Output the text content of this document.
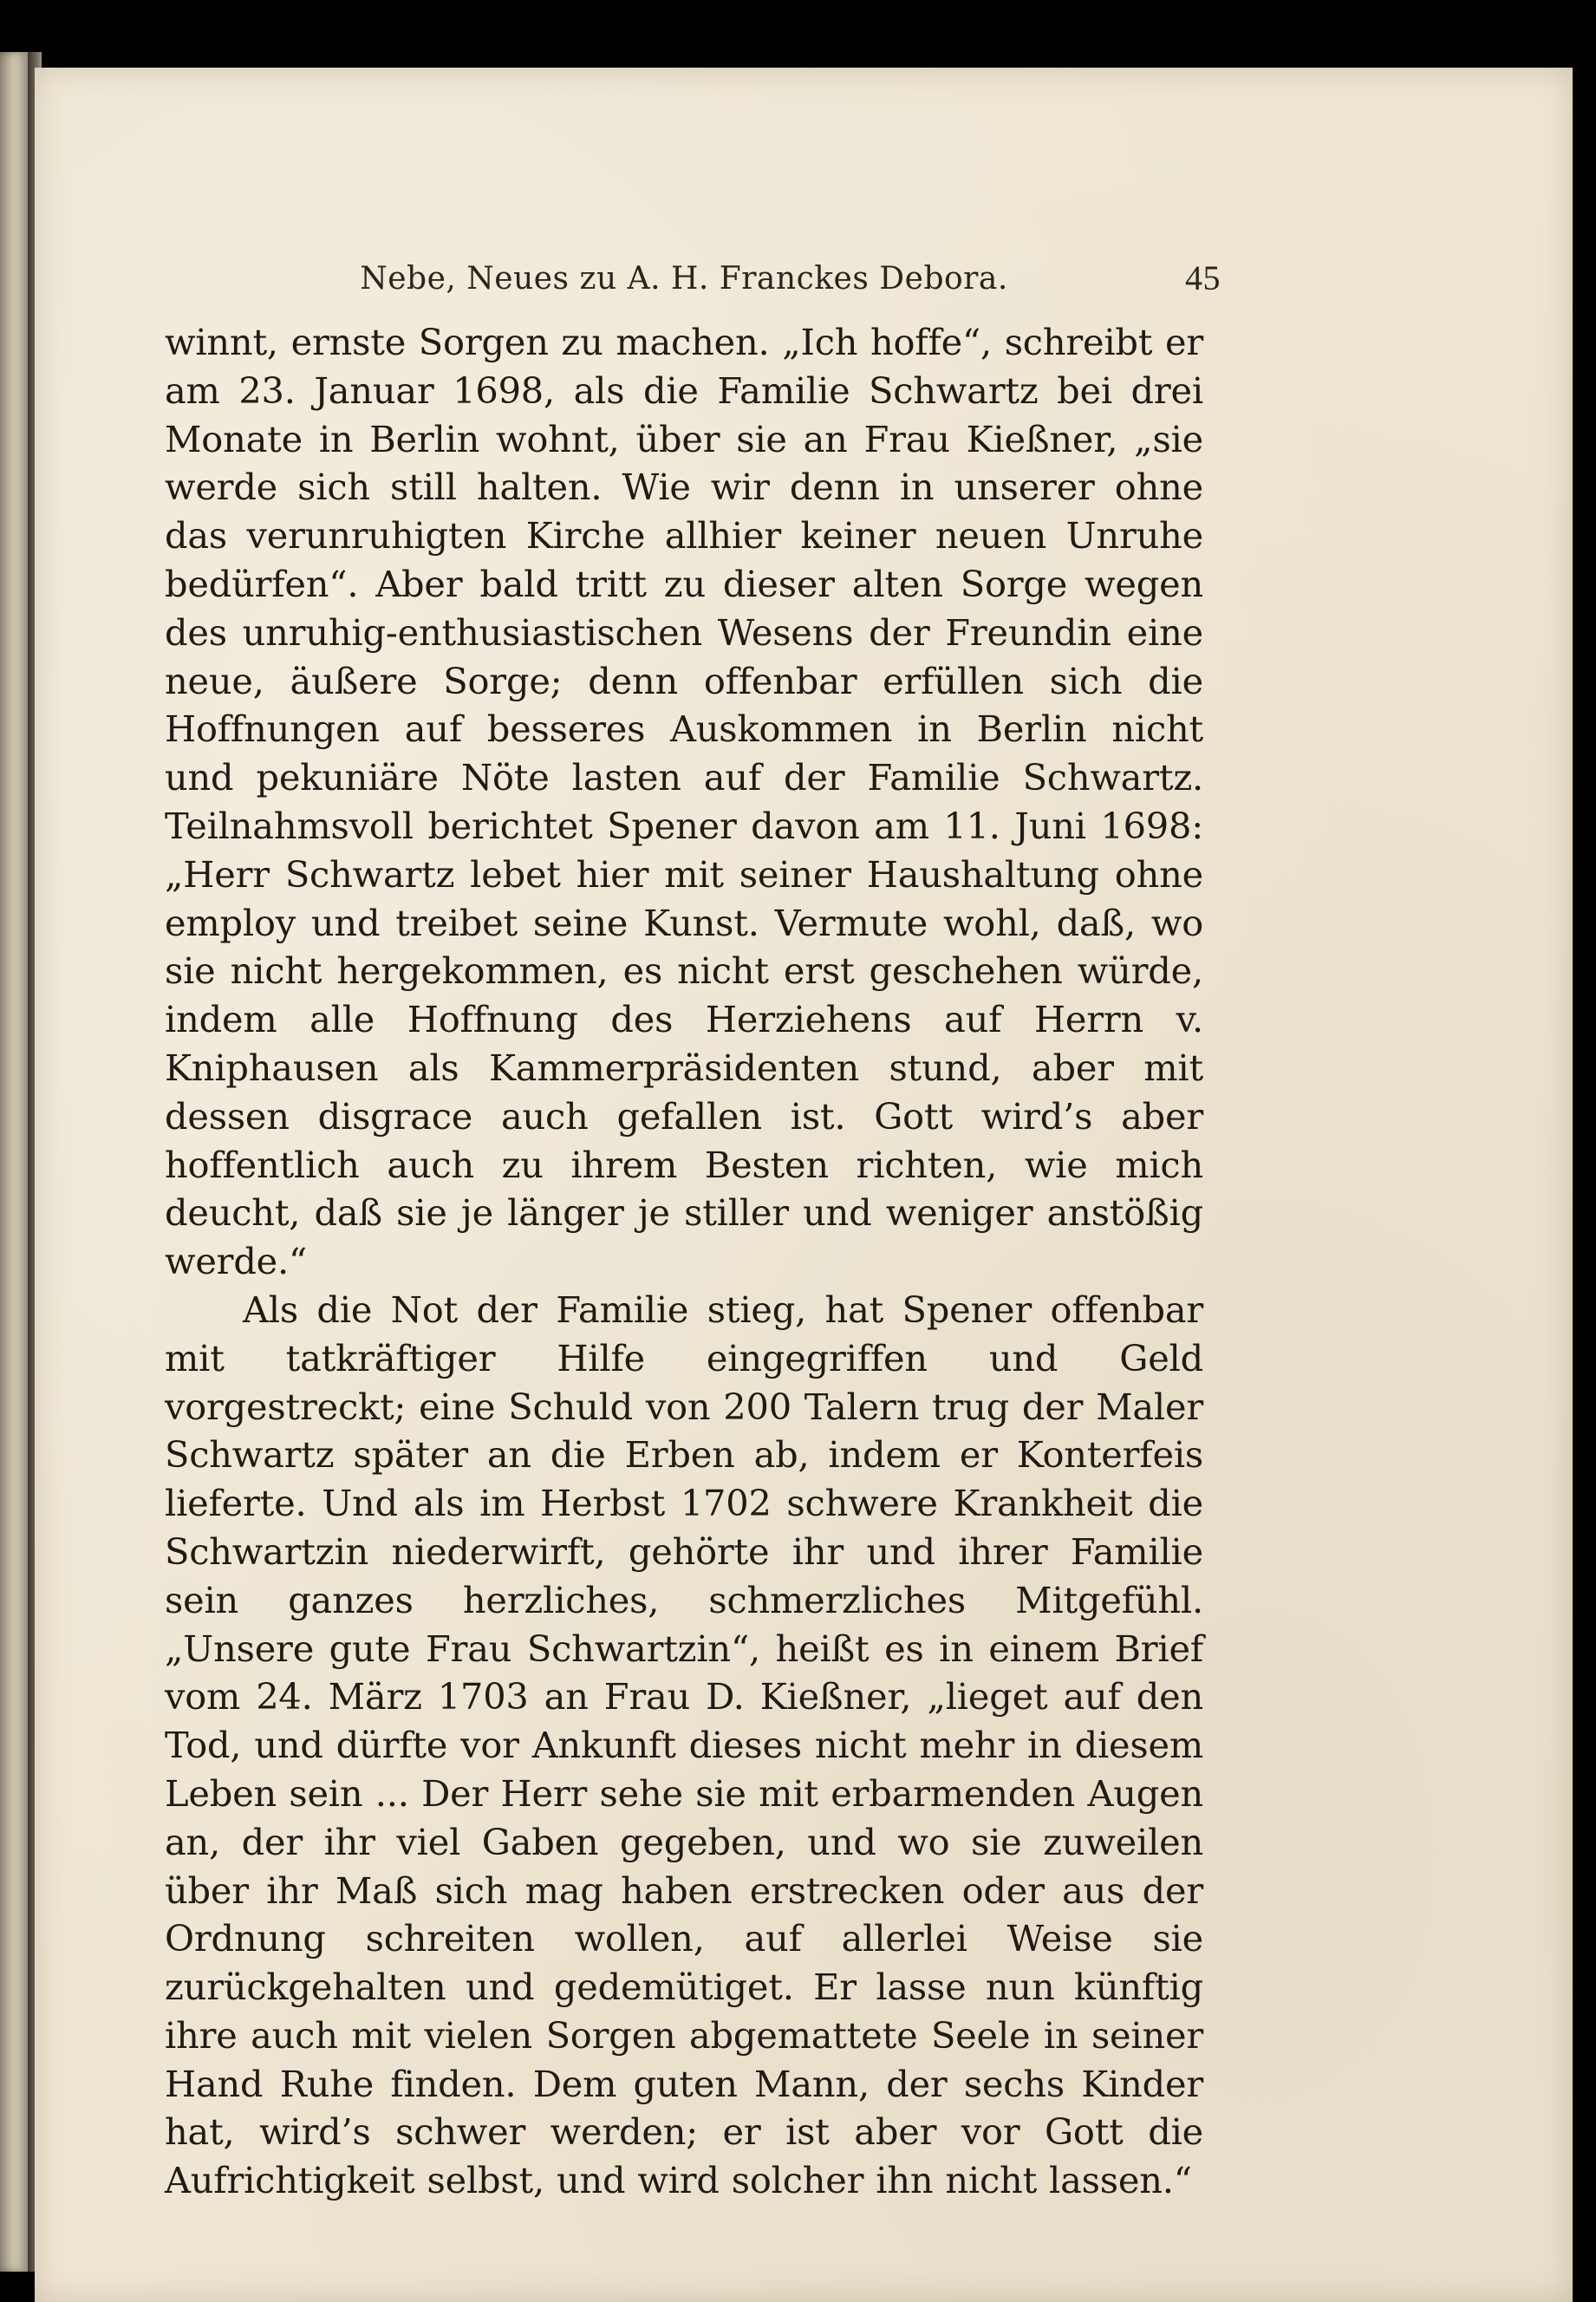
Nebe, Neues zu A. H. Franckes Debora.	45

winnt, ernste Sorgen zu machen. „Ich hoffe“, schreibt er am 23. Januar 1698, als die Familie Schwartz bei drei Monate in Berlin wohnt, über sie an Frau Kießner, „sie werde sich still halten. Wie wir denn in unserer ohne das verunruhigten Kirche allhier keiner neuen Unruhe bedürfen“. Aber bald tritt zu dieser alten Sorge wegen des unruhig-enthusiastischen Wesens der Freundin eine neue, äußere Sorge; denn offenbar erfüllen sich die Hoffnungen auf besseres Auskommen in Berlin nicht und pekuniäre Nöte lasten auf der Familie Schwartz. Teilnahmsvoll berichtet Spener davon am 11. Juni 1698: „Herr Schwartz lebet hier mit seiner Haushaltung ohne employ und treibet seine Kunst. Vermute wohl, daß, wo sie nicht hergekommen, es nicht erst geschehen würde, indem alle Hoffnung des Herziehens auf Herrn v. Kniphausen als Kammerpräsidenten stund, aber mit dessen disgrace auch gefallen ist. Gott wird’s aber hoffentlich auch zu ihrem Besten richten, wie mich deucht, daß sie je länger je stiller und weniger anstößig werde.“

Als die Not der Familie stieg, hat Spener offenbar mit tatkräftiger Hilfe eingegriffen und Geld vorgestreckt; eine Schuld von 200 Talern trug der Maler Schwartz später an die Erben ab, indem er Konterfeis lieferte. Und als im Herbst 1702 schwere Krankheit die Schwartzin niederwirft, gehörte ihr und ihrer Familie sein ganzes herzliches, schmerzliches Mitgefühl. „Unsere gute Frau Schwartzin“, heißt es in einem Brief vom 24. März 1703 an Frau D. Kießner, „lieget auf den Tod, und dürfte vor Ankunft dieses nicht mehr in diesem Leben sein ... Der Herr sehe sie mit erbarmenden Augen an, der ihr viel Gaben gegeben, und wo sie zuweilen über ihr Maß sich mag haben erstrecken oder aus der Ordnung schreiten wollen, auf allerlei Weise sie zurückgehalten und gedemütiget. Er lasse nun künftig ihre auch mit vielen Sorgen abgemattete Seele in seiner Hand Ruhe finden. Dem guten Mann, der sechs Kinder hat, wird’s schwer werden; er ist aber vor Gott die Aufrichtigkeit selbst, und wird solcher ihn nicht lassen.“
